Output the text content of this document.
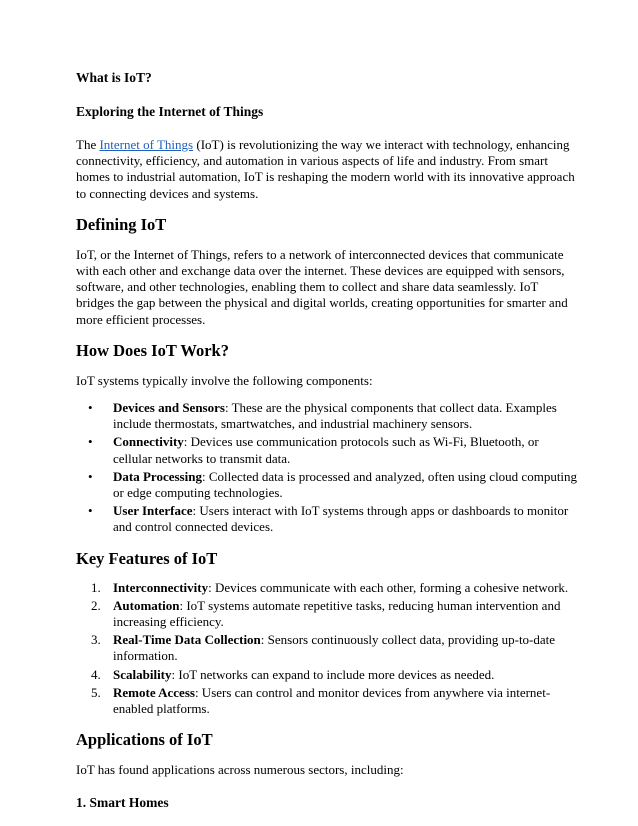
What is IoT?

Exploring the Internet of Things

The Internet of Things (IoT) is revolutionizing the way we interact with technology, enhancing connectivity, efficiency, and automation in various aspects of life and industry. From smart homes to industrial automation, IoT is reshaping the modern world with its innovative approach to connecting devices and systems.

Defining IoT

IoT, or the Internet of Things, refers to a network of interconnected devices that communicate with each other and exchange data over the internet. These devices are equipped with sensors, software, and other technologies, enabling them to collect and share data seamlessly. IoT bridges the gap between the physical and digital worlds, creating opportunities for smarter and more efficient processes.

How Does IoT Work?

IoT systems typically involve the following components:

• Devices and Sensors: These are the physical components that collect data. Examples include thermostats, smartwatches, and industrial machinery sensors.
• Connectivity: Devices use communication protocols such as Wi-Fi, Bluetooth, or cellular networks to transmit data.
• Data Processing: Collected data is processed and analyzed, often using cloud computing or edge computing technologies.
• User Interface: Users interact with IoT systems through apps or dashboards to monitor and control connected devices.
Key Features of IoT
1. Interconnectivity: Devices communicate with each other, forming a cohesive network.
2. Automation: IoT systems automate repetitive tasks, reducing human intervention and increasing efficiency.
3. Real-Time Data Collection: Sensors continuously collect data, providing up-to-date information.
4. Scalability: IoT networks can expand to include more devices as needed.
5. Remote Access: Users can control and monitor devices from anywhere via internet-enabled platforms.
Applications of IoT

IoT has found applications across numerous sectors, including:

1. Smart Homes
